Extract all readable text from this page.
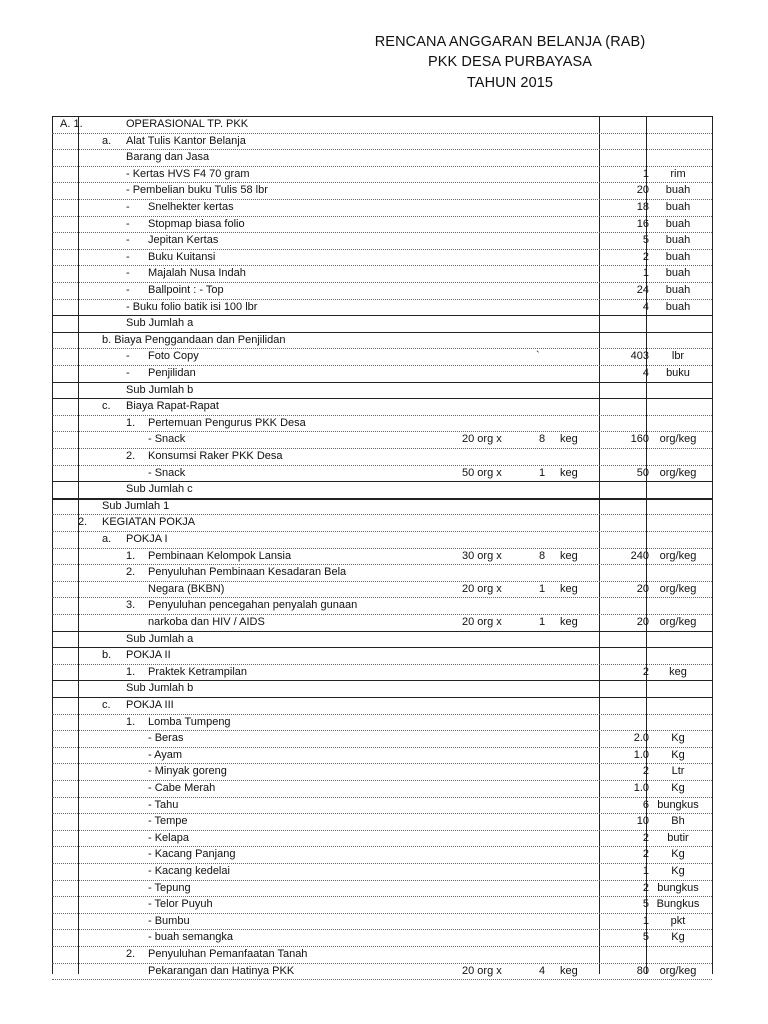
RENCANA ANGGARAN BELANJA (RAB)
PKK DESA PURBAYASA
TAHUN 2015
A. 1.	OPERASIONAL TP. PKK
a. Alat Tulis Kantor Belanja
Barang dan Jasa
- Kertas HVS F4 70 gram	1	rim
- Pembelian buku Tulis 58 lbr	20	buah
- Snelhekter kertas	18	buah
- Stopmap biasa folio	16	buah
- Jepitan Kertas	5	buah
- Buku Kuitansi	2	buah
- Majalah Nusa Indah	1	buah
- Ballpoint : - Top	24	buah
- Buku folio batik isi 100 lbr	4	buah
Sub Jumlah a
b. Biaya Penggandaan dan Penjilidan
- Foto Copy	`	403	lbr
- Penjilidan	4	buku
Sub Jumlah b
c. Biaya Rapat-Rapat
1. Pertemuan Pengurus PKK Desa
- Snack	20 org x	8 keg	160 org/keg
2. Konsumsi Raker PKK Desa
- Snack	50 org x	1 keg	50 org/keg
Sub Jumlah c
Sub Jumlah 1
2. KEGIATAN POKJA
a. POKJA I
1. Pembinaan Kelompok Lansia	30 org x	8 keg	240 org/keg
2. Penyuluhan Pembinaan Kesadaran Bela
Negara (BKBN)	20 org x	1 keg	20 org/keg
3. Penyuluhan pencegahan penyalah gunaan
narkoba dan HIV / AIDS	20 org x	1 keg	20 org/keg
Sub Jumlah a
b. POKJA II
1. Praktek Ketrampilan	2	keg
Sub Jumlah b
c. POKJA III
1. Lomba Tumpeng
- Beras	2.0	Kg
- Ayam	1.0	Kg
- Minyak goreng	2	Ltr
- Cabe Merah	1.0	Kg
- Tahu	6 bungkus
- Tempe	10	Bh
- Kelapa	2	butir
- Kacang Panjang	2	Kg
- Kacang kedelai	1	Kg
- Tepung	2 bungkus
- Telor Puyuh	5 Bungkus
- Bumbu	1	pkt
- buah semangka	5	Kg
2. Penyuluhan Pemanfaatan Tanah
Pekarangan dan Hatinya PKK	20 org x	4 keg	80 org/keg
